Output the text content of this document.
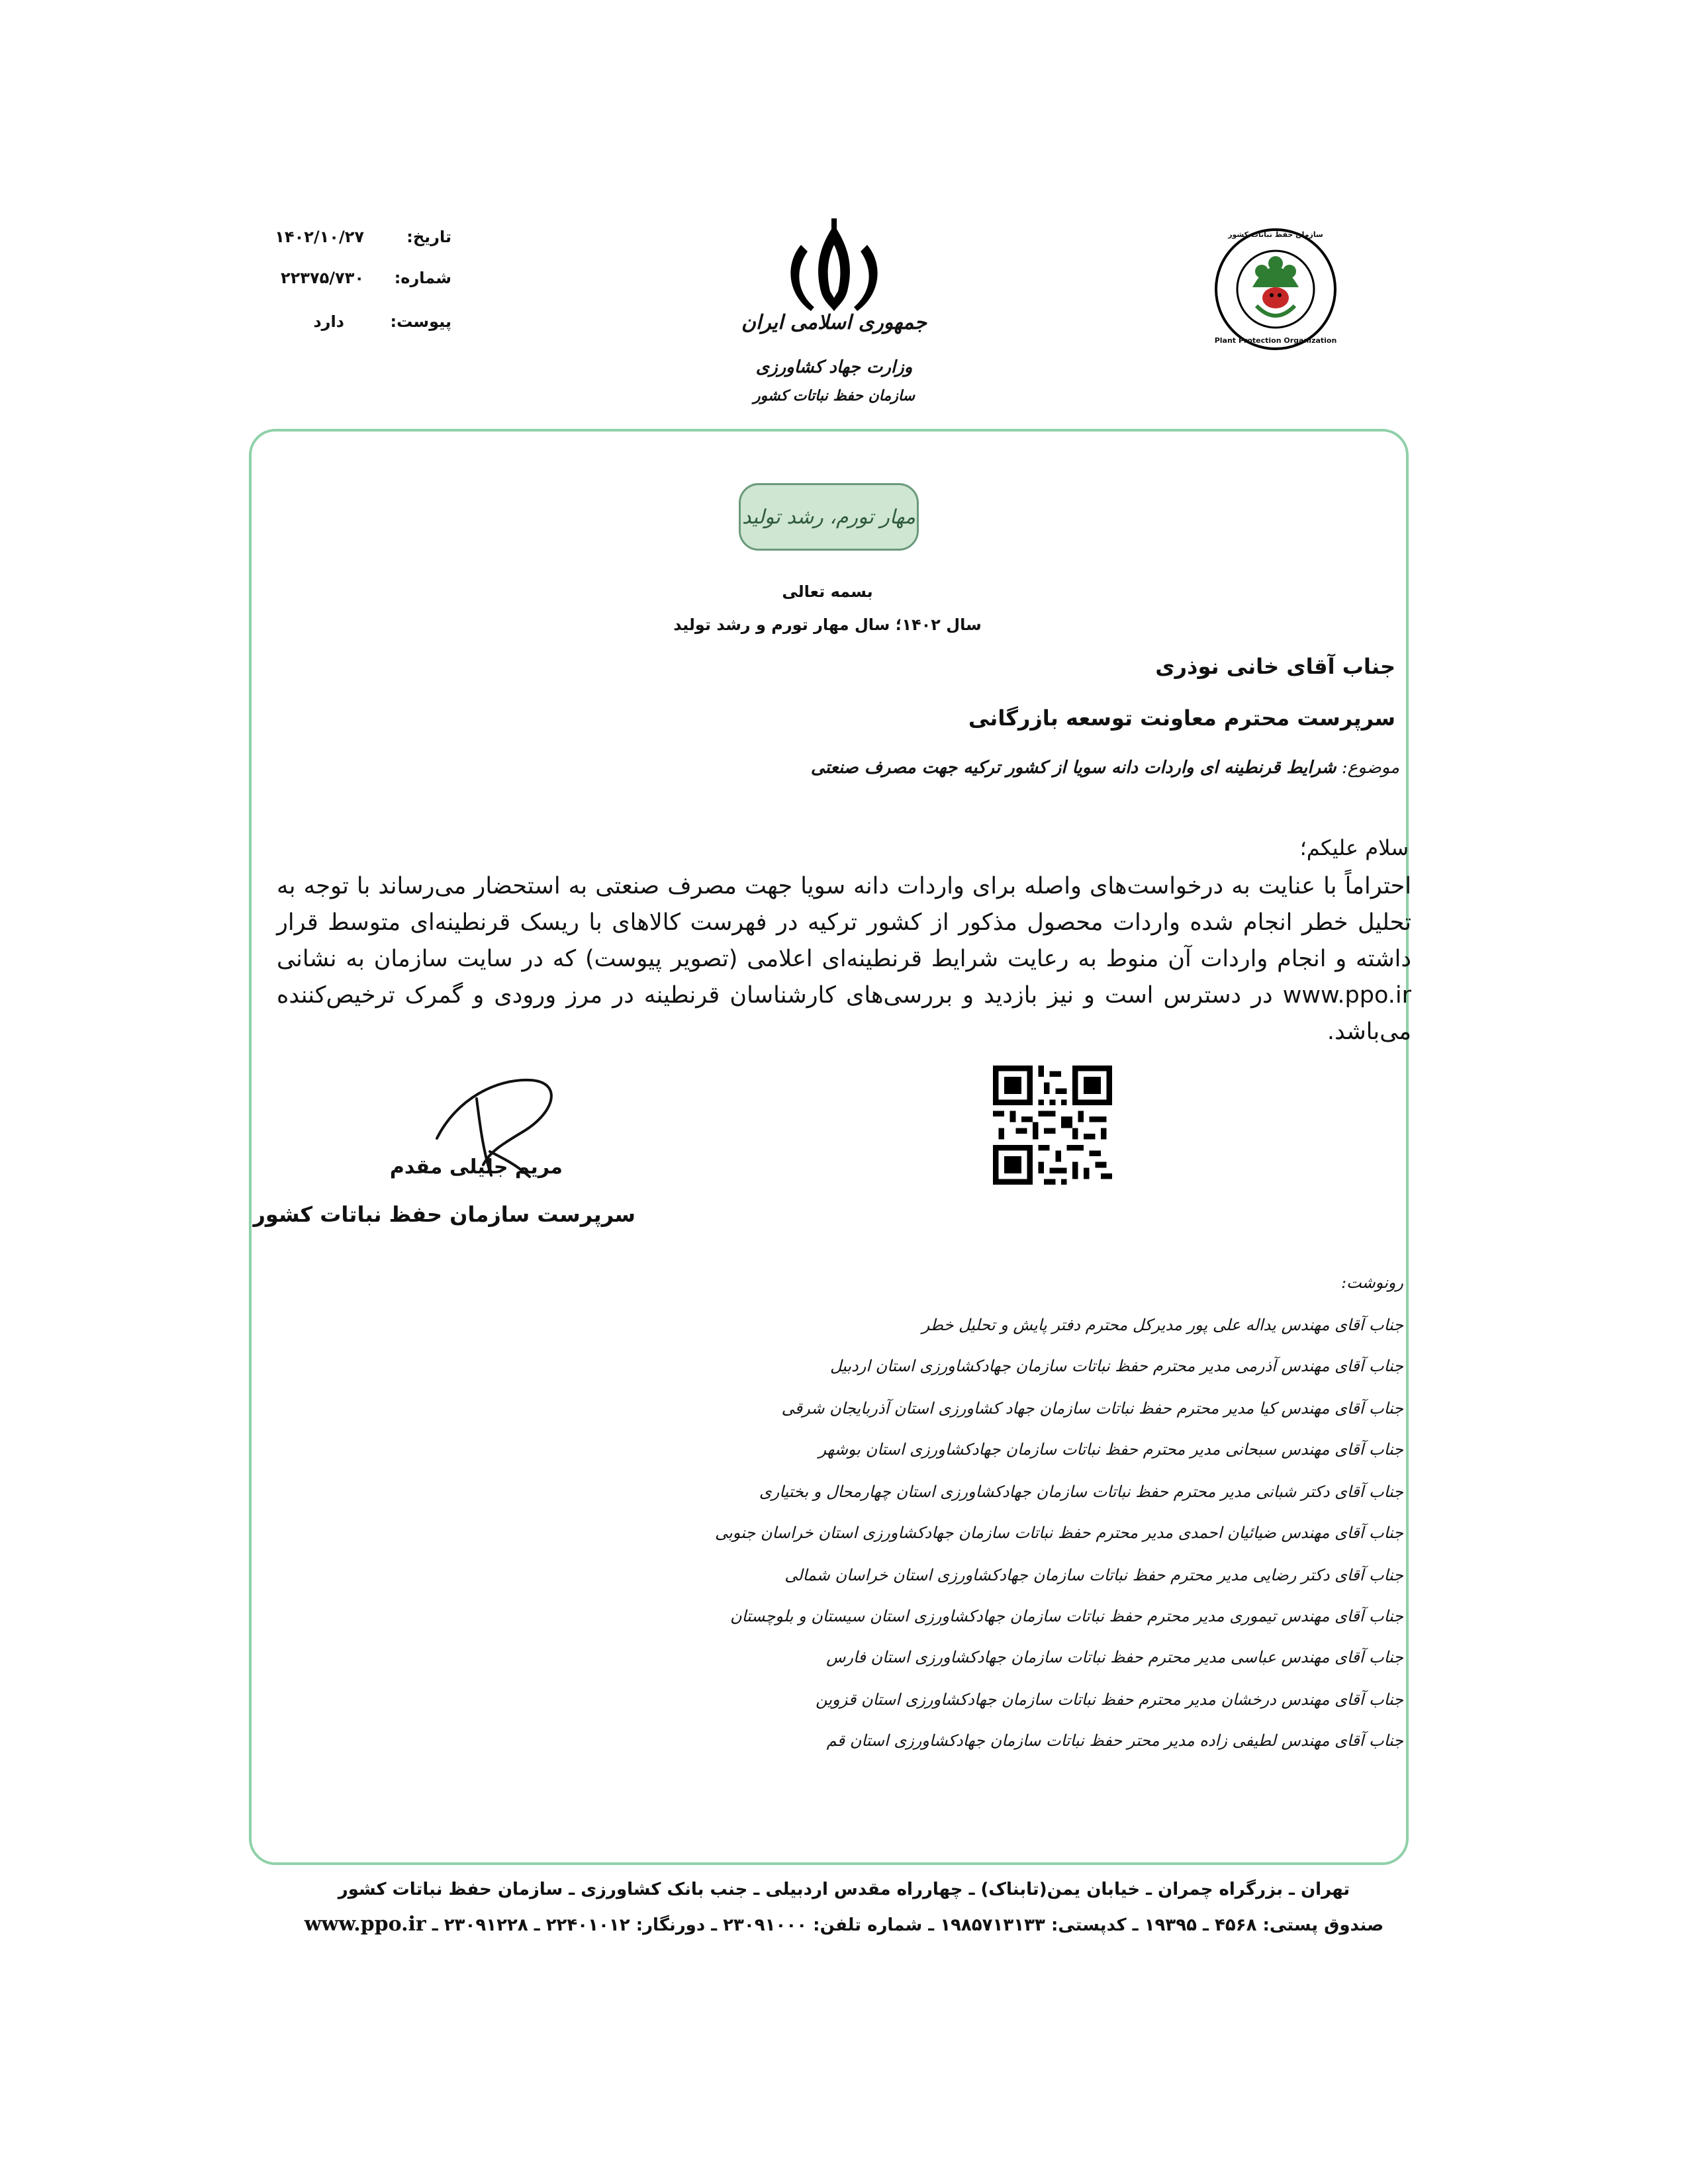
تاریخ:
۱۴۰۲/۱۰/۲۷
شماره:
۲۲۳۷۵/۷۳۰
پیوست:
دارد	جمهوری اسلامی ایران
وزارت جهاد کشاورزی
سازمان حفظ نباتات کشور
سازمان حفظ نباتات کشور
Plant Protection Organization
مهار تورم، رشد تولید
بسمه تعالی
سال ۱۴۰۲؛ سال مهار تورم و رشد تولید
جناب آقای خانی نوذری
سرپرست محترم معاونت توسعه بازرگانی
موضوع: شرایط قرنطینه ای واردات دانه سویا از کشور ترکیه جهت مصرف صنعتی
سلام علیکم؛
احتراماً با عنایت به درخواست‌های واصله برای واردات دانه سویا جهت مصرف صنعتی به استحضار می‌رساند با توجه به تحلیل خطر انجام شده واردات محصول مذکور از کشور ترکیه در فهرست کالاهای با ریسک قرنطینه‌ای متوسط قرار داشته و انجام واردات آن منوط به رعایت شرایط قرنطینه‌ای اعلامی (تصویر پیوست) که در سایت سازمان به نشانی www.ppo.ir در دسترس است و نیز بازدید و بررسی‌های کارشناسان قرنطینه در مرز ورودی و گمرک ترخیص‌کننده می‌باشد.
مریم جلیلی مقدم
سرپرست سازمان حفظ نباتات کشور
رونوشت:
جناب آقای مهندس یداله علی پور مدیرکل محترم دفتر پایش و تحلیل خطر
جناب آقای مهندس آذرمی مدیر محترم حفظ نباتات سازمان جهادکشاورزی استان اردبیل
جناب آقای مهندس کیا مدیر محترم حفظ نباتات سازمان جهاد کشاورزی استان آذربایجان شرقی
جناب آقای مهندس سبحانی مدیر محترم حفظ نباتات سازمان جهادکشاورزی استان بوشهر
جناب آقای دکتر شبانی مدیر محترم حفظ نباتات سازمان جهادکشاورزی استان چهارمحال و بختیاری
جناب آقای مهندس ضیائیان احمدی مدیر محترم حفظ نباتات سازمان جهادکشاورزی استان خراسان جنوبی
جناب آقای دکتر رضایی مدیر محترم حفظ نباتات سازمان جهادکشاورزی استان خراسان شمالی
جناب آقای مهندس تیموری مدیر محترم حفظ نباتات سازمان جهادکشاورزی استان سیستان و بلوچستان
جناب آقای مهندس عباسی مدیر محترم حفظ نباتات سازمان جهادکشاورزی استان فارس
جناب آقای مهندس درخشان مدیر محترم حفظ نباتات سازمان جهادکشاورزی استان قزوین
جناب آقای مهندس لطیفی زاده مدیر محتر حفظ نباتات سازمان جهادکشاورزی استان قم
تهران ـ بزرگراه چمران ـ خیابان یمن(تابناک) ـ چهارراه مقدس اردبیلی ـ جنب بانک کشاورزی ـ سازمان حفظ نباتات کشور
صندوق پستی: ۴۵۶۸ ـ ۱۹۳۹۵ ـ کدپستی: ۱۹۸۵۷۱۳۱۳۳ ـ شماره تلفن: ۲۳۰۹۱۰۰۰ ـ دورنگار: ۲۲۴۰۱۰۱۲ ـ ۲۳۰۹۱۲۲۸ ـ www.ppo.ir
